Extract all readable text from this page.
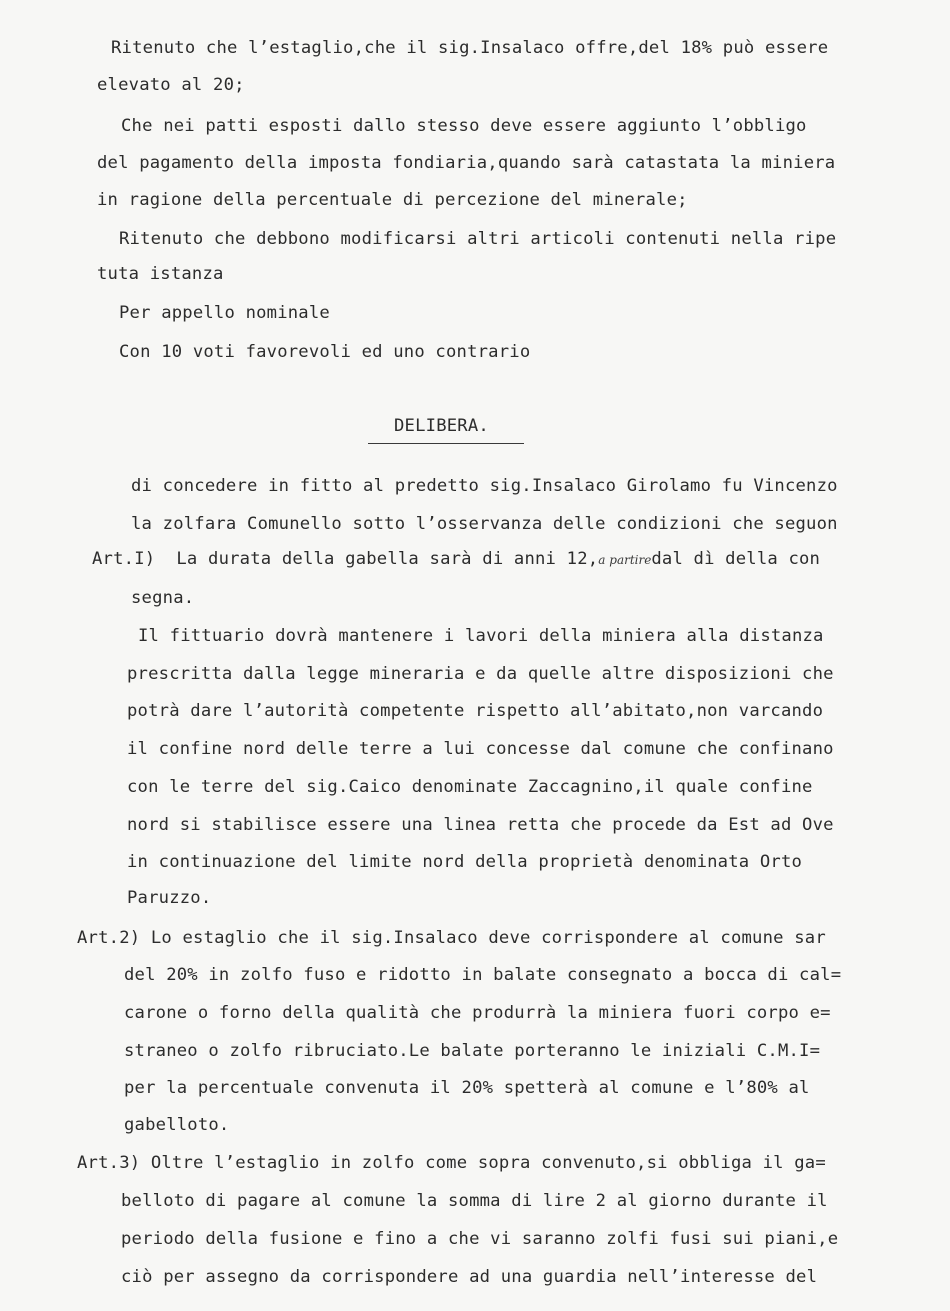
Ritenuto che l’estaglio,che il sig.Insalaco offre,del 18% può essere

elevato al 20;

Che nei patti esposti dallo stesso deve essere aggiunto l’obbligo

del pagamento della imposta fondiaria,quando sarà catastata la miniera

in ragione della percentuale di percezione del minerale;

Ritenuto che debbono modificarsi altri articoli contenuti nella ripe

tuta istanza

Per appello nominale

Con 10 voti favorevoli ed uno contrario

DELIBERA.

di concedere in fitto al predetto sig.Insalaco Girolamo fu Vincenzo

la zolfara Comunello sotto l’osservanza delle condizioni che seguon

Art.I)  La durata della gabella sarà di anni 12,a partiredal dì della con

segna.

Il fittuario dovrà mantenere i lavori della miniera alla distanza

prescritta dalla legge mineraria e da quelle altre disposizioni che

potrà dare l’autorità competente rispetto all’abitato,non varcando

il confine nord delle terre a lui concesse dal comune che confinano

con le terre del sig.Caico denominate Zaccagnino,il quale confine

nord si stabilisce essere una linea retta che procede da Est ad Ove

in continuazione del limite nord della proprietà denominata Orto

Paruzzo.

Art.2) Lo estaglio che il sig.Insalaco deve corrispondere al comune sar

del 20% in zolfo fuso e ridotto in balate consegnato a bocca di cal=

carone o forno della qualità che produrrà la miniera fuori corpo e=

straneo o zolfo ribruciato.Le balate porteranno le iniziali C.M.I=

per la percentuale convenuta il 20% spetterà al comune e l’80% al

gabelloto.

Art.3) Oltre l’estaglio in zolfo come sopra convenuto,si obbliga il ga=

belloto di pagare al comune la somma di lire 2 al giorno durante il

periodo della fusione e fino a che vi saranno zolfi fusi sui piani,e

ciò per assegno da corrispondere ad una guardia nell’interesse del
